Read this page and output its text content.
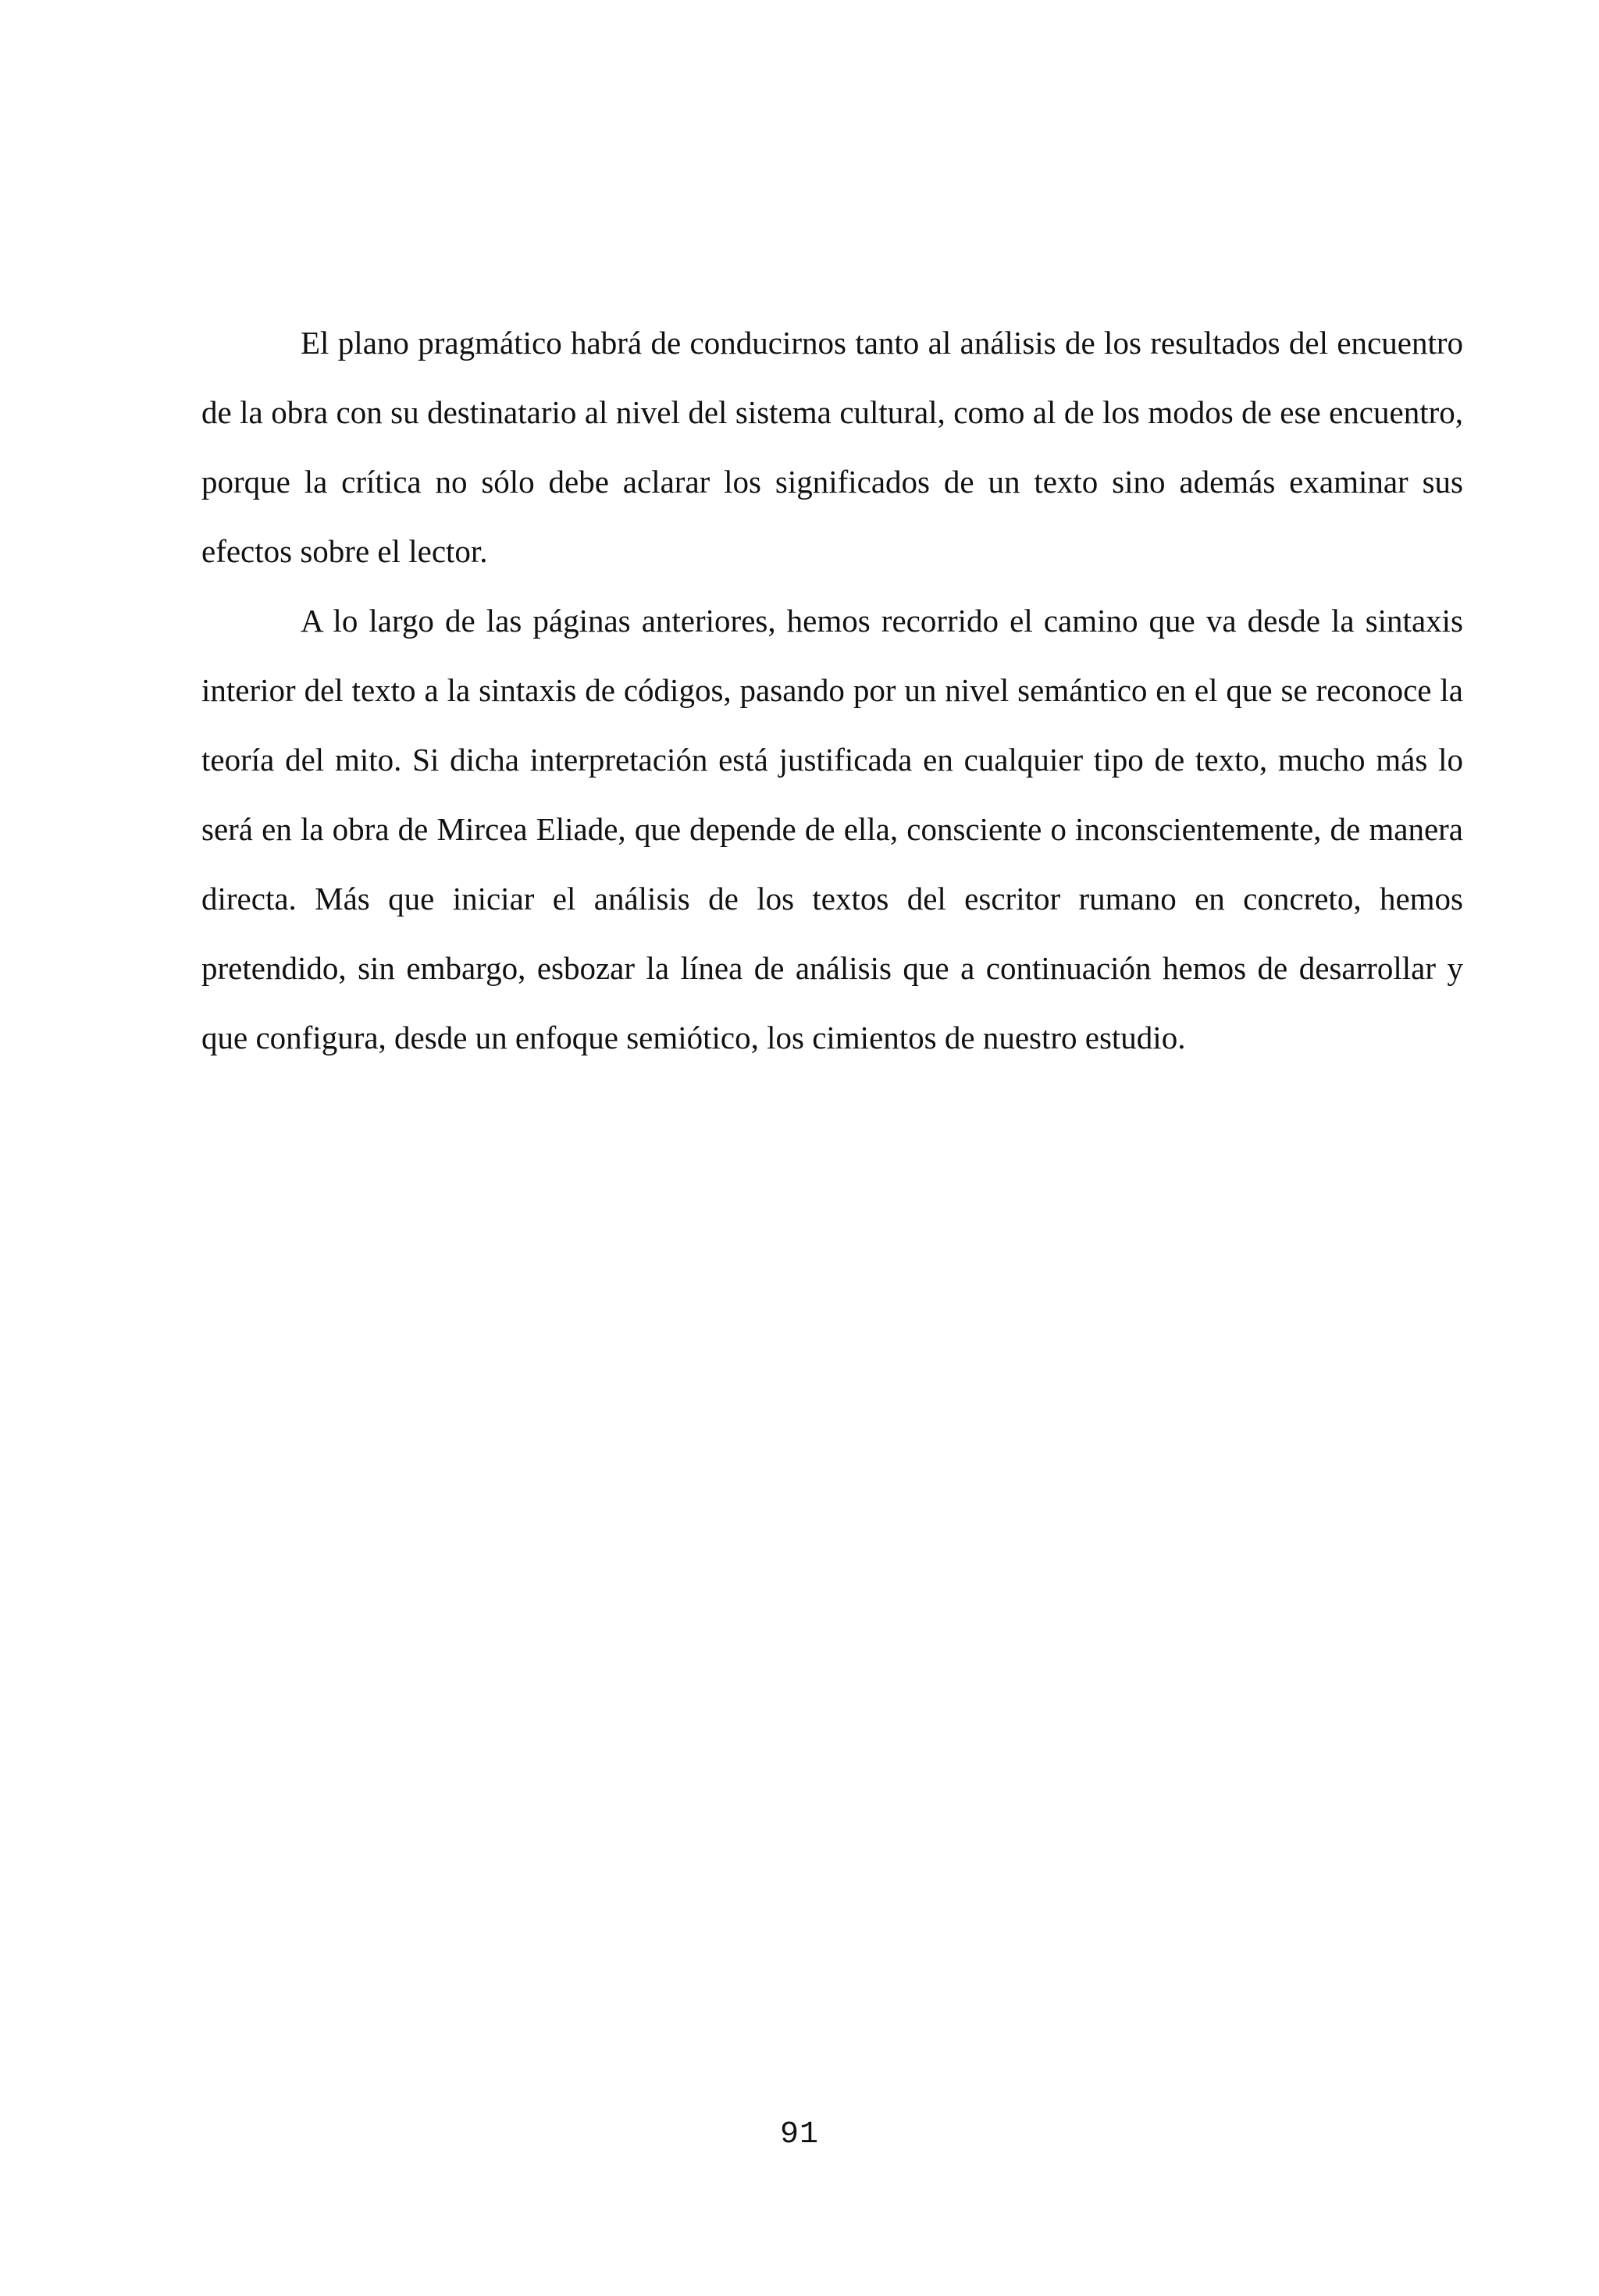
El plano pragmático habrá de conducirnos tanto al análisis de los resultados del encuentro de la obra con su destinatario al nivel del sistema cultural, como al de los modos de ese encuentro, porque la crítica no sólo debe aclarar los significados de un texto sino además examinar sus efectos sobre el lector.

A lo largo de las páginas anteriores, hemos recorrido el camino que va desde la sintaxis interior del texto a la sintaxis de códigos, pasando por un nivel semántico en el que se reconoce la teoría del mito. Si dicha interpretación está justificada en cualquier tipo de texto, mucho más lo será en la obra de Mircea Eliade, que depende de ella, consciente o inconscientemente, de manera directa. Más que iniciar el análisis de los textos del escritor rumano en concreto, hemos pretendido, sin embargo, esbozar la línea de análisis que a continuación hemos de desarrollar y que configura, desde un enfoque semiótico, los cimientos de nuestro estudio.

91
